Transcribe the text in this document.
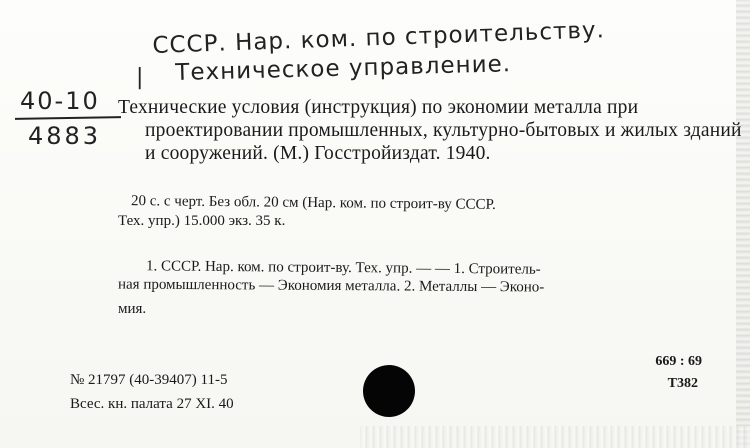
СССР. Нар. ком. по строительству.
| Техническое управление.
40-10
4883
Технические условия (инструкция) по экономии металла при проектировании промышленных, культурно-бытовых и жилых зданий и сооружений. (М.) Госстройиздат. 1940.
20 с. с черт. Без обл. 20 см (Нар. ком. по строит-ву СССР.
Тех. упр.) 15.000 экз. 35 к.
1. СССР. Нар. ком. по строит-ву. Тех. упр. — — 1. Строитель-
ная промышленность — Экономия металла. 2. Металлы — Эконо-
мия.
669 : 69
Т382
№ 21797 (40-39407) 11-5
Всес. кн. палата 27 XI. 40
